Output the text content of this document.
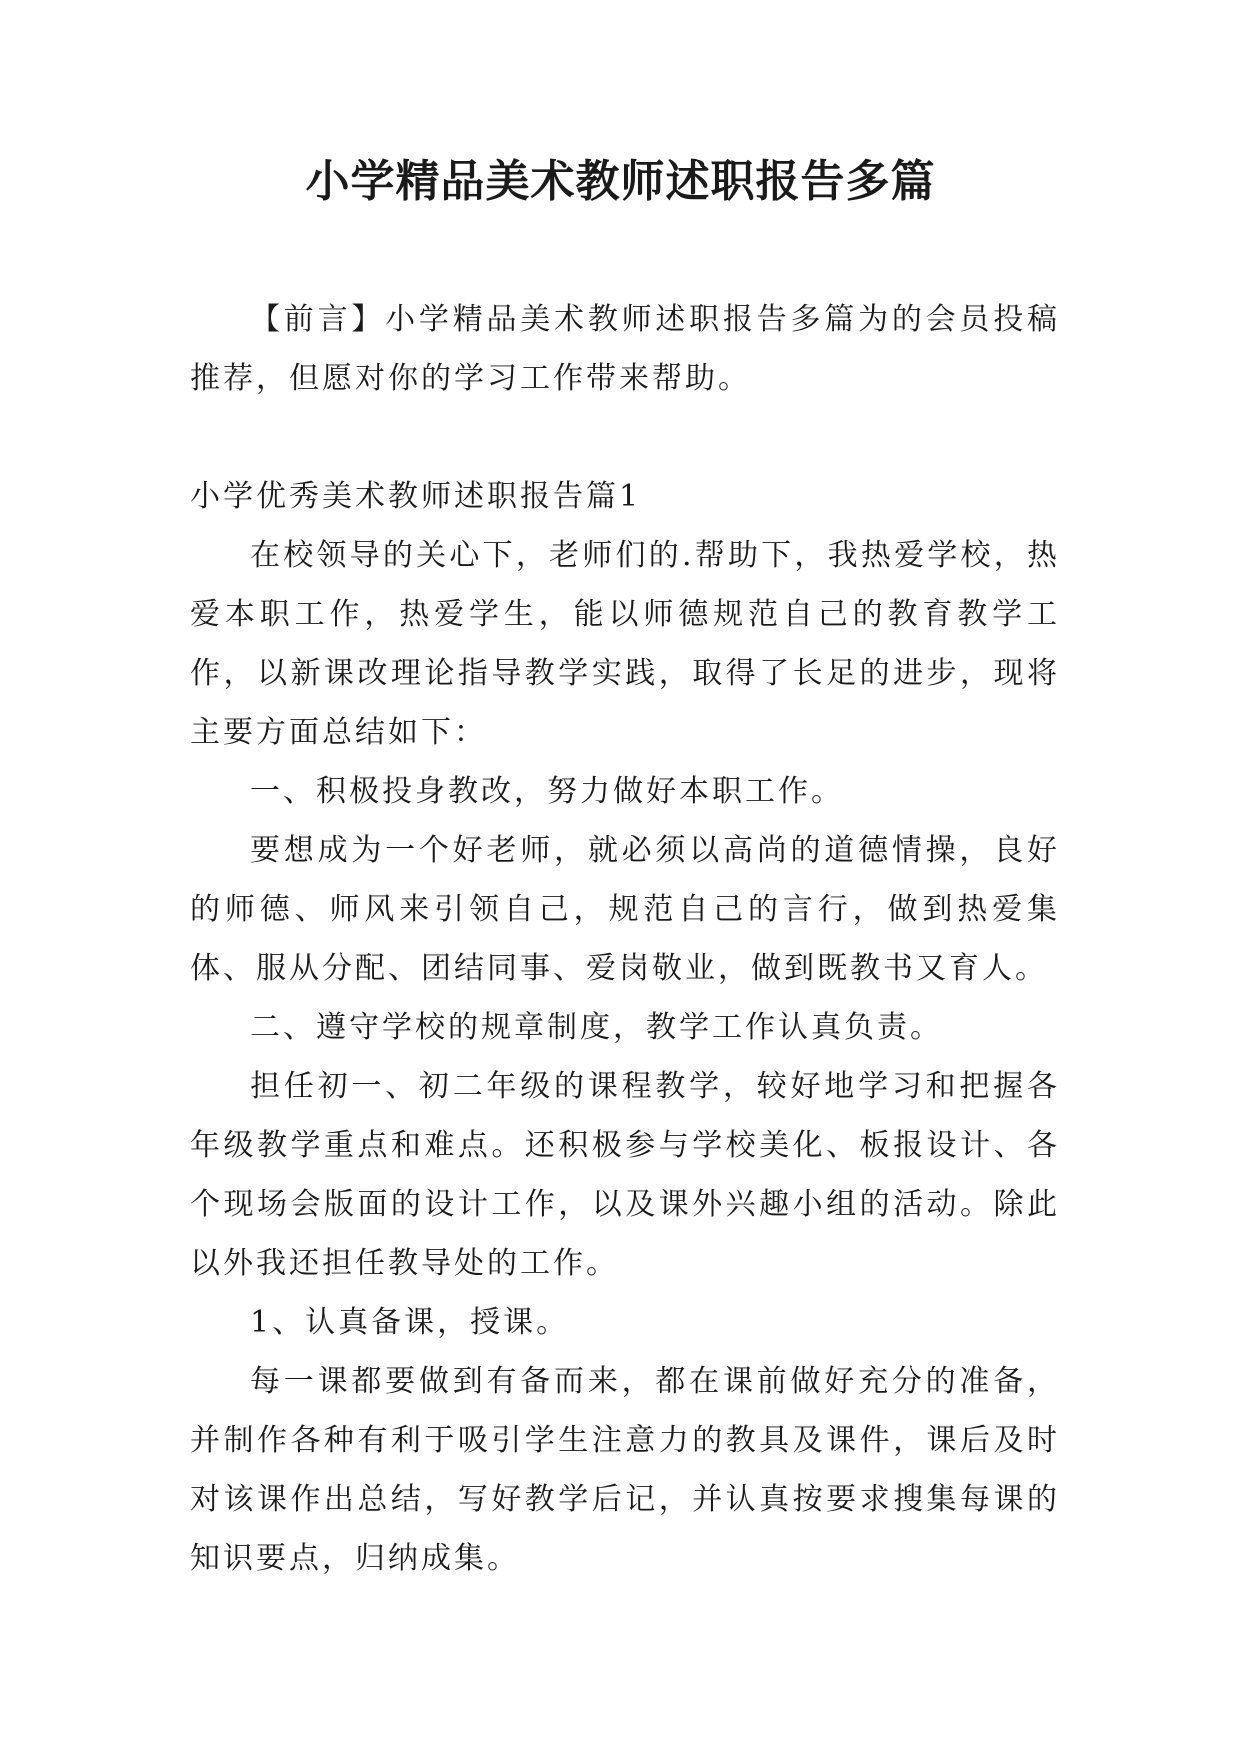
小学精品美术教师述职报告多篇

【前言】小学精品美术教师述职报告多篇为的会员投稿推荐，但愿对你的学习工作带来帮助。

小学优秀美术教师述职报告篇1

在校领导的关心下，老师们的.帮助下，我热爱学校，热爱本职工作，热爱学生，能以师德规范自己的教育教学工作，以新课改理论指导教学实践，取得了长足的进步，现将主要方面总结如下：

一、积极投身教改，努力做好本职工作。

要想成为一个好老师，就必须以高尚的道德情操，良好的师德、师风来引领自己，规范自己的言行，做到热爱集体、服从分配、团结同事、爱岗敬业，做到既教书又育人。

二、遵守学校的规章制度，教学工作认真负责。

担任初一、初二年级的课程教学，较好地学习和把握各年级教学重点和难点。还积极参与学校美化、板报设计、各个现场会版面的设计工作，以及课外兴趣小组的活动。除此以外我还担任教导处的工作。

1、认真备课，授课。

每一课都要做到有备而来，都在课前做好充分的准备，并制作各种有利于吸引学生注意力的教具及课件，课后及时对该课作出总结，写好教学后记，并认真按要求搜集每课的知识要点，归纳成集。
